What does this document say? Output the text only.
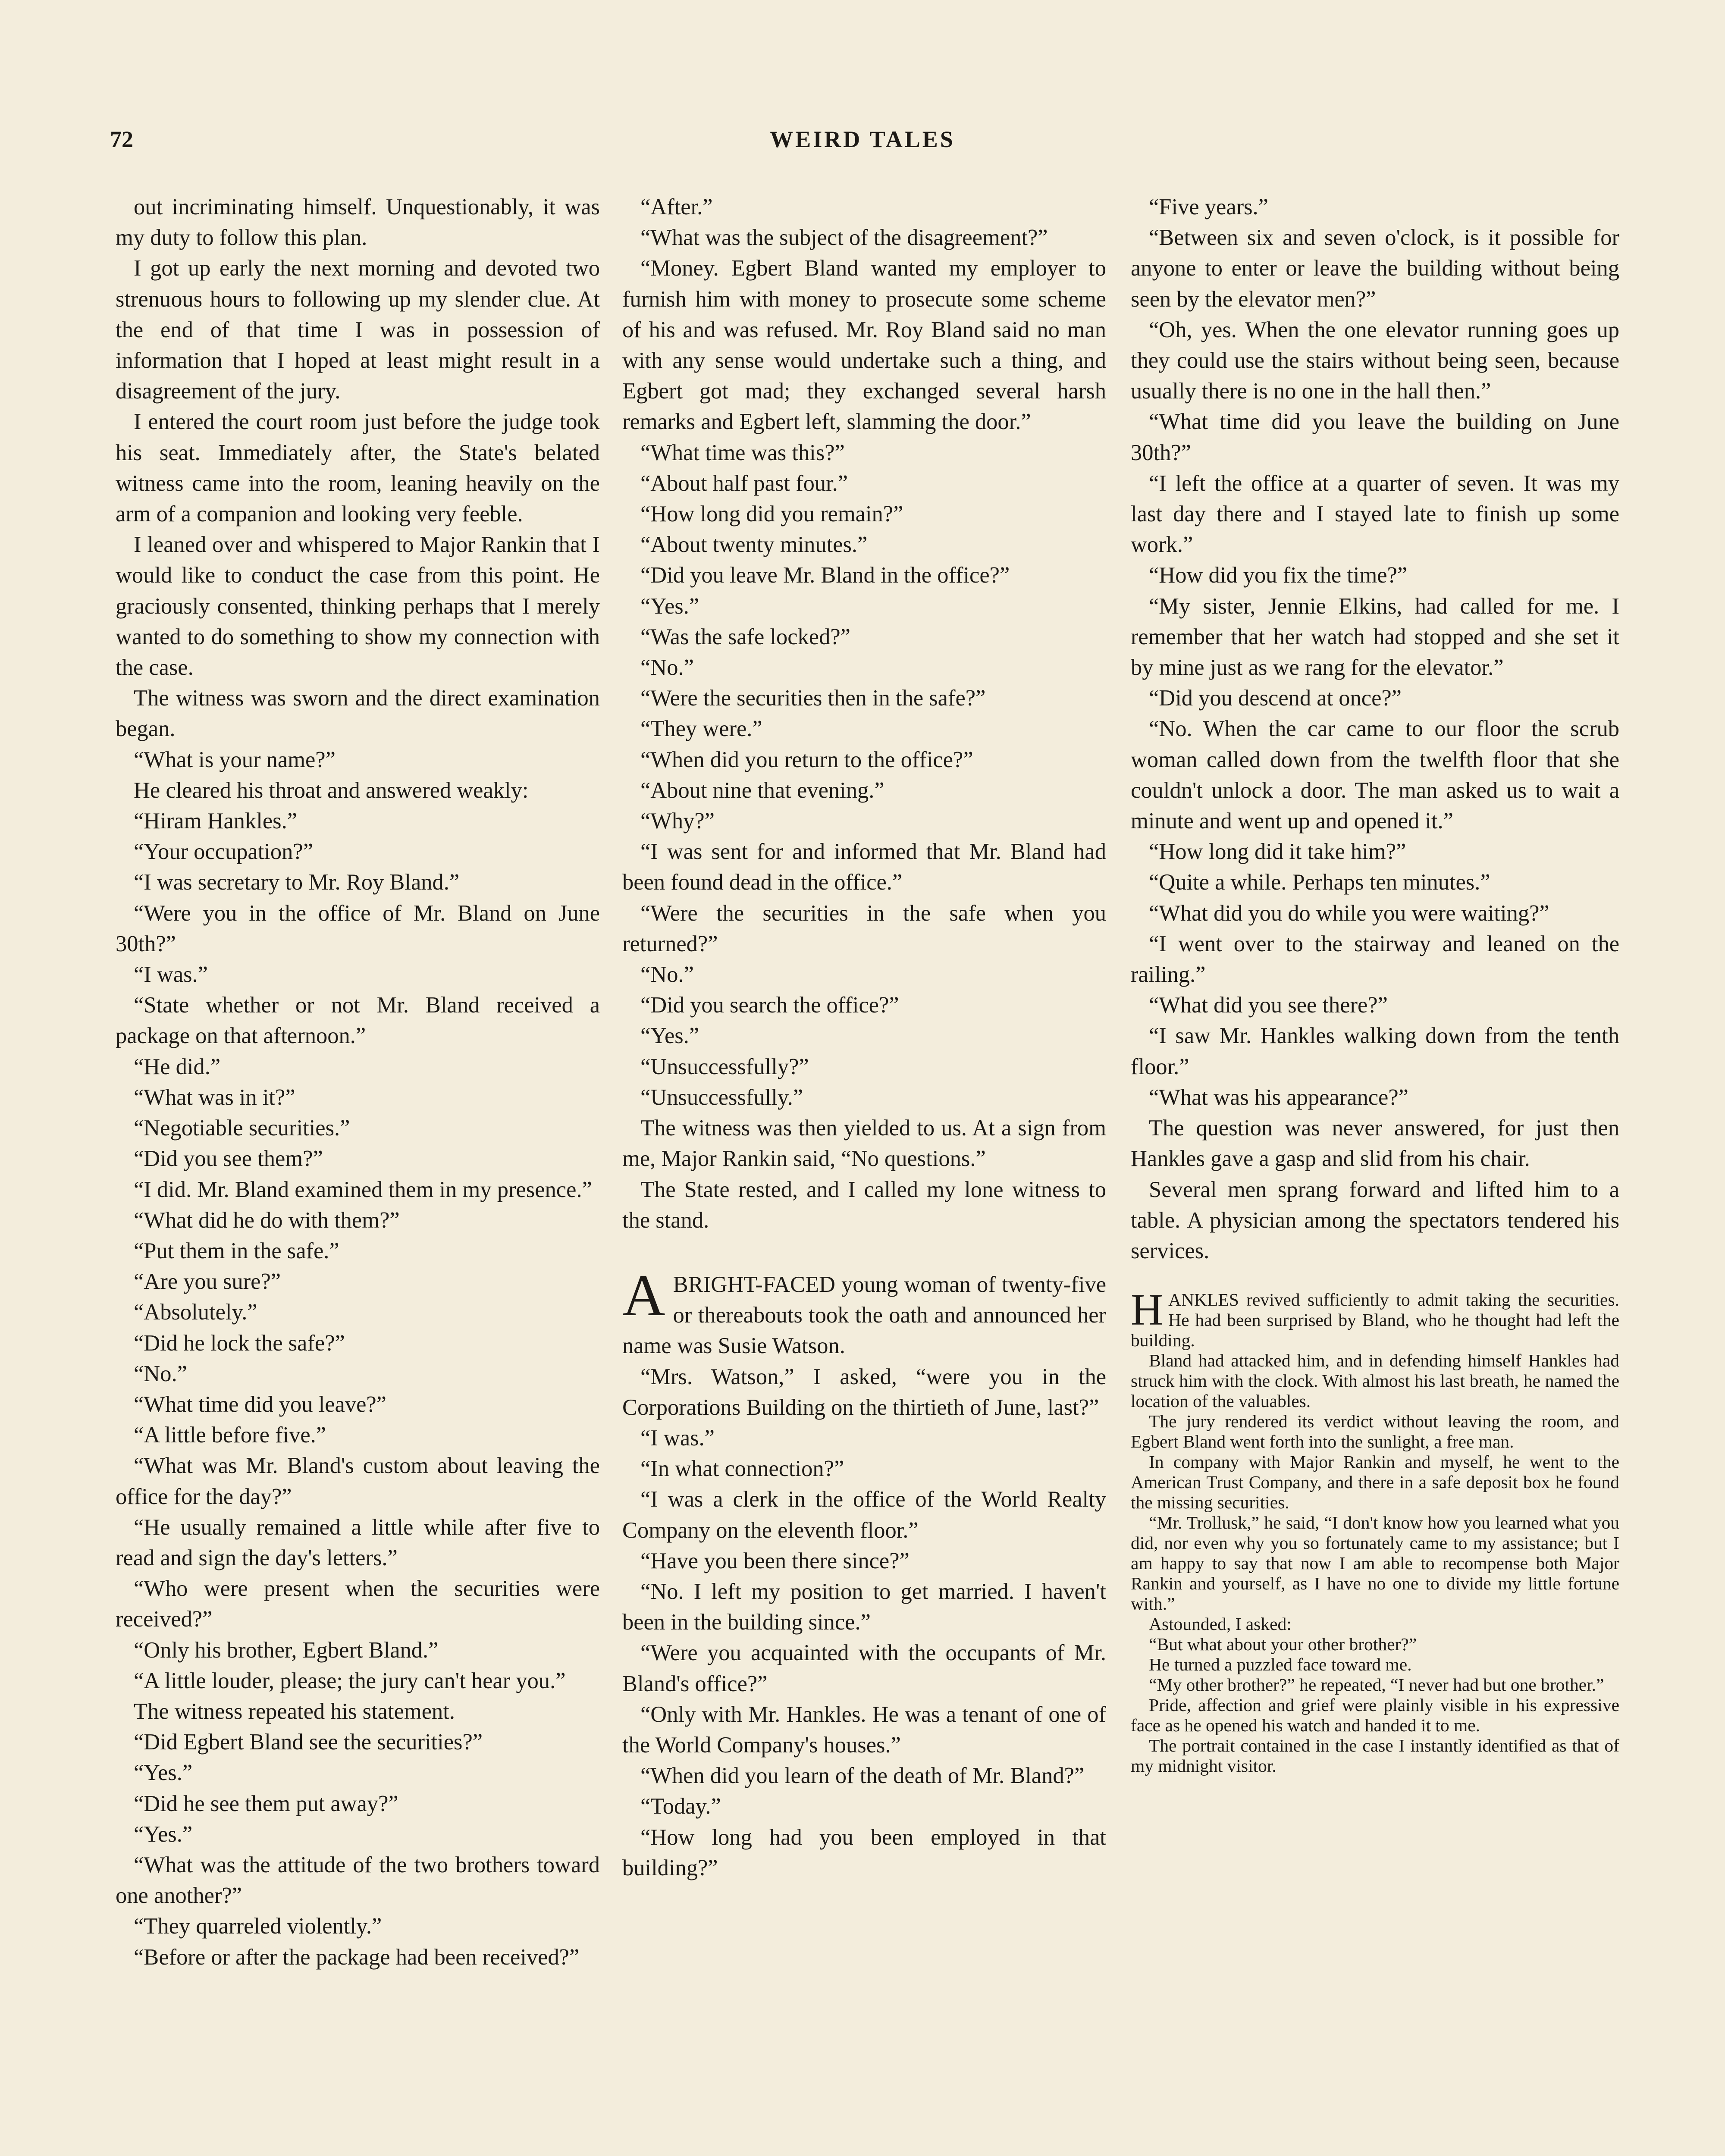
72	WEIRD TALES

out incriminating himself. Unquestionably, it was my duty to follow this plan.

I got up early the next morning and devoted two strenuous hours to following up my slender clue. At the end of that time I was in possession of information that I hoped at least might result in a disagreement of the jury.

I entered the court room just before the judge took his seat. Immediately after, the State's belated witness came into the room, leaning heavily on the arm of a companion and looking very feeble.

I leaned over and whispered to Major Rankin that I would like to conduct the case from this point. He graciously consented, thinking perhaps that I merely wanted to do something to show my connection with the case.

The witness was sworn and the direct examination began.

“What is your name?”

He cleared his throat and answered weakly:

“Hiram Hankles.”

“Your occupation?”

“I was secretary to Mr. Roy Bland.”

“Were you in the office of Mr. Bland on June 30th?”

“I was.”

“State whether or not Mr. Bland received a package on that afternoon.”

“He did.”

“What was in it?”

“Negotiable securities.”

“Did you see them?”

“I did. Mr. Bland examined them in my presence.”

“What did he do with them?”

“Put them in the safe.”

“Are you sure?”

“Absolutely.”

“Did he lock the safe?”

“No.”

“What time did you leave?”

“A little before five.”

“What was Mr. Bland's custom about leaving the office for the day?”

“He usually remained a little while after five to read and sign the day's letters.”

“Who were present when the securities were received?”

“Only his brother, Egbert Bland.”

“A little louder, please; the jury can't hear you.”

The witness repeated his statement.

“Did Egbert Bland see the securities?”

“Yes.”

“Did he see them put away?”

“Yes.”

“What was the attitude of the two brothers toward one another?”

“They quarreled violently.”

“Before or after the package had been received?”

“After.”

“What was the subject of the disagreement?”

“Money. Egbert Bland wanted my employer to furnish him with money to prosecute some scheme of his and was refused. Mr. Roy Bland said no man with any sense would undertake such a thing, and Egbert got mad; they exchanged several harsh remarks and Egbert left, slamming the door.”

“What time was this?”

“About half past four.”

“How long did you remain?”

“About twenty minutes.”

“Did you leave Mr. Bland in the office?”

“Yes.”

“Was the safe locked?”

“No.”

“Were the securities then in the safe?”

“They were.”

“When did you return to the office?”

“About nine that evening.”

“Why?”

“I was sent for and informed that Mr. Bland had been found dead in the office.”

“Were the securities in the safe when you returned?”

“No.”

“Did you search the office?”

“Yes.”

“Unsuccessfully?”

“Unsuccessfully.”

The witness was then yielded to us. At a sign from me, Major Rankin said, “No questions.”

The State rested, and I called my lone witness to the stand.

ABRIGHT-FACED young woman of twenty-five or thereabouts took the oath and announced her name was Susie Watson.

“Mrs. Watson,” I asked, “were you in the Corporations Building on the thirtieth of June, last?”

“I was.”

“In what connection?”

“I was a clerk in the office of the World Realty Company on the eleventh floor.”

“Have you been there since?”

“No. I left my position to get married. I haven't been in the building since.”

“Were you acquainted with the occupants of Mr. Bland's office?”

“Only with Mr. Hankles. He was a tenant of one of the World Company's houses.”

“When did you learn of the death of Mr. Bland?”

“Today.”

“How long had you been employed in that building?”

“Five years.”

“Between six and seven o'clock, is it possible for anyone to enter or leave the building without being seen by the elevator men?”

“Oh, yes. When the one elevator running goes up they could use the stairs without being seen, because usually there is no one in the hall then.”

“What time did you leave the building on June 30th?”

“I left the office at a quarter of seven. It was my last day there and I stayed late to finish up some work.”

“How did you fix the time?”

“My sister, Jennie Elkins, had called for me. I remember that her watch had stopped and she set it by mine just as we rang for the elevator.”

“Did you descend at once?”

“No. When the car came to our floor the scrub woman called down from the twelfth floor that she couldn't unlock a door. The man asked us to wait a minute and went up and opened it.”

“How long did it take him?”

“Quite a while. Perhaps ten minutes.”

“What did you do while you were waiting?”

“I went over to the stairway and leaned on the railing.”

“What did you see there?”

“I saw Mr. Hankles walking down from the tenth floor.”

“What was his appearance?”

The question was never answered, for just then Hankles gave a gasp and slid from his chair.

Several men sprang forward and lifted him to a table. A physician among the spectators tendered his services.

HANKLES revived sufficiently to admit taking the securities. He had been surprised by Bland, who he thought had left the building.

Bland had attacked him, and in defending himself Hankles had struck him with the clock. With almost his last breath, he named the location of the valuables.

The jury rendered its verdict without leaving the room, and Egbert Bland went forth into the sunlight, a free man.

In company with Major Rankin and myself, he went to the American Trust Company, and there in a safe deposit box he found the missing securities.

“Mr. Trollusk,” he said, “I don't know how you learned what you did, nor even why you so fortunately came to my assistance; but I am happy to say that now I am able to recompense both Major Rankin and yourself, as I have no one to divide my little fortune with.”

Astounded, I asked:

“But what about your other brother?”

He turned a puzzled face toward me.

“My other brother?” he repeated, “I never had but one brother.”

Pride, affection and grief were plainly visible in his expressive face as he opened his watch and handed it to me.

The portrait contained in the case I instantly identified as that of my midnight visitor.
